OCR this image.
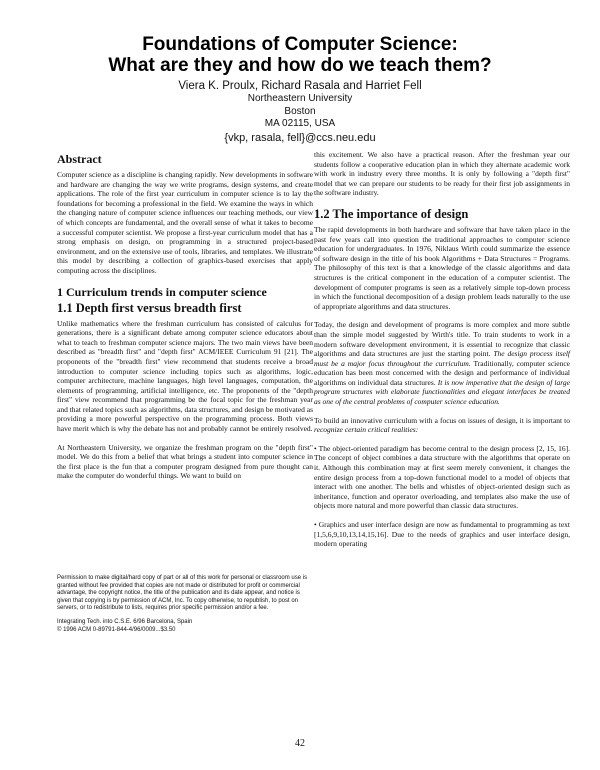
Foundations of Computer Science:
What are they and how do we teach them?
Viera K. Proulx, Richard Rasala and Harriet Fell
Northeastern University
Boston
MA 02115, USA
{vkp, rasala, fell}@ccs.neu.edu
Abstract

Computer science as a discipline is changing rapidly. New developments in software and hardware are changing the way we write programs, design systems, and create applications. The role of the first year curriculum in computer science is to lay the foundations for becoming a professional in the field. We examine the ways in which the changing nature of computer science influences our teaching methods, our view of which concepts are fundamental, and the overall sense of what it takes to become a successful computer scientist. We propose a first-year curriculum model that has a strong emphasis on design, on programming in a structured project-based environment, and on the extensive use of tools, libraries, and templates. We illustrate this model by describing a collection of graphics-based exercises that apply computing across the disciplines.

1 Curriculum trends in computer science
1.1 Depth first versus breadth first

Unlike mathematics where the freshman curriculum has consisted of calculus for generations, there is a significant debate among computer science educators about what to teach to freshman computer science majors. The two main views have been described as "breadth first" and "depth first" ACM/IEEE Curriculum 91 [21]. The proponents of the "breadth first" view recommend that students receive a broad introduction to computer science including topics such as algorithms, logic, computer architecture, machine languages, high level languages, computation, the elements of programming, artificial intelligence, etc. The proponents of the "depth first" view recommend that programming be the focal topic for the freshman year and that related topics such as algorithms, data structures, and design be motivated as providing a more powerful perspective on the programming process. Both views have merit which is why the debate has not and probably cannot be entirely resolved.

At Northeastern University, we organize the freshman program on the "depth first" model. We do this from a belief that what brings a student into computer science in the first place is the fun that a computer program designed from pure thought can make the computer do wonderful things. We want to build on

Permission to make digital/hard copy of part or all of this work for personal or classroom use is granted without fee provided that copies are not made or distributed for profit or commercial advantage, the copyright notice, the title of the publication and its date appear, and notice is given that copying is by permission of ACM, Inc. To copy otherwise, to republish, to post on servers, or to redistribute to lists, requires prior specific permission and/or a fee.

Integrating Tech. into C.S.E. 6/96 Barcelona, Spain
© 1996 ACM 0-89791-844-4/96/0009...$3.50

this excitement. We also have a practical reason. After the freshman year our students follow a cooperative education plan in which they alternate academic work with work in industry every three months. It is only by following a "depth first" model that we can prepare our students to be ready for their first job assignments in the software industry.

1.2 The importance of design

The rapid developments in both hardware and software that have taken place in the past few years call into question the traditional approaches to computer science education for undergraduates. In 1976, Niklaus Wirth could summarize the essence of software design in the title of his book Algorithms + Data Structures = Programs. The philosophy of this text is that a knowledge of the classic algorithms and data structures is the critical component in the education of a computer scientist. The development of computer programs is seen as a relatively simple top-down process in which the functional decomposition of a design problem leads naturally to the use of appropriate algorithms and data structures.

Today, the design and development of programs is more complex and more subtle than the simple model suggested by Wirth's title. To train students to work in a modern software development environment, it is essential to recognize that classic algorithms and data structures are just the starting point. The design process itself must be a major focus throughout the curriculum. Traditionally, computer science education has been most concerned with the design and performance of individual algorithms on individual data structures. It is now imperative that the design of large program structures with elaborate functionalities and elegant interfaces be treated as one of the central problems of computer science education.

To build an innovative curriculum with a focus on issues of design, it is important to recognize certain critical realities:

• The object-oriented paradigm has become central to the design process [2, 15, 16]. The concept of object combines a data structure with the algorithms that operate on it. Although this combination may at first seem merely convenient, it changes the entire design process from a top-down functional model to a model of objects that interact with one another. The bells and whistles of object-oriented design such as inheritance, function and operator overloading, and templates also make the use of objects more natural and more powerful than classic data structures.

• Graphics and user interface design are now as fundamental to programming as text [1,5,6,9,10,13,14,15,16]. Due to the needs of graphics and user interface design, modern operating

42
